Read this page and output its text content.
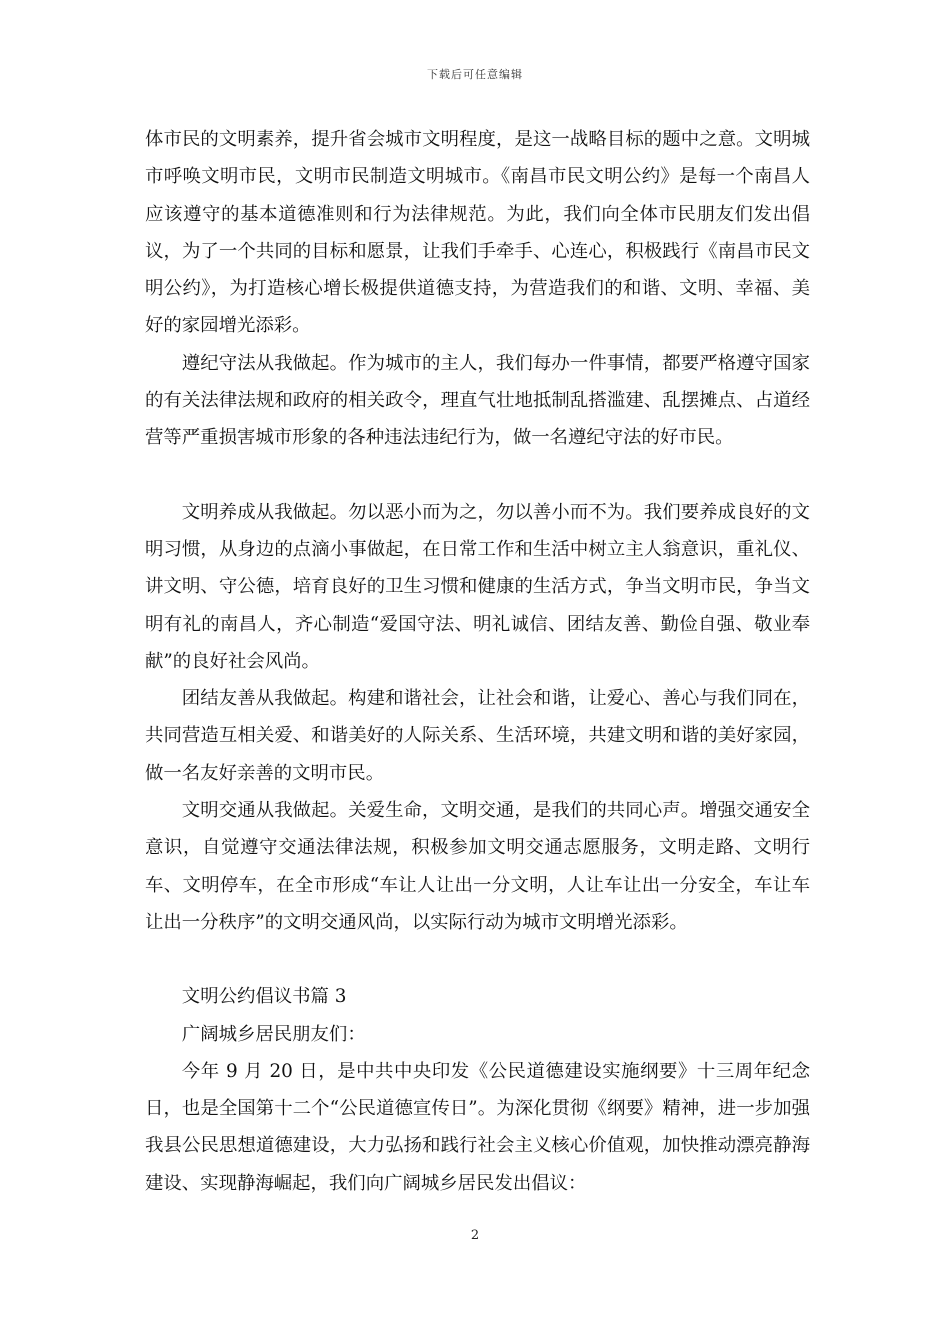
下载后可任意编辑

体市民的文明素养，提升省会城市文明程度，是这一战略目标的题中之意。文明城市呼唤文明市民，文明市民制造文明城市。《南昌市民文明公约》是每一个南昌人应该遵守的基本道德准则和行为法律规范。为此，我们向全体市民朋友们发出倡议，为了一个共同的目标和愿景，让我们手牵手、心连心，积极践行《南昌市民文明公约》，为打造核心增长极提供道德支持，为营造我们的和谐、文明、幸福、美好的家园增光添彩。

遵纪守法从我做起。作为城市的主人，我们每办一件事情，都要严格遵守国家的有关法律法规和政府的相关政令，理直气壮地抵制乱搭滥建、乱摆摊点、占道经营等严重损害城市形象的各种违法违纪行为，做一名遵纪守法的好市民。

文明养成从我做起。勿以恶小而为之，勿以善小而不为。我们要养成良好的文明习惯，从身边的点滴小事做起，在日常工作和生活中树立主人翁意识，重礼仪、讲文明、守公德，培育良好的卫生习惯和健康的生活方式，争当文明市民，争当文明有礼的南昌人，齐心制造“爱国守法、明礼诚信、团结友善、勤俭自强、敬业奉献”的良好社会风尚。

团结友善从我做起。构建和谐社会，让社会和谐，让爱心、善心与我们同在，共同营造互相关爱、和谐美好的人际关系、生活环境，共建文明和谐的美好家园，做一名友好亲善的文明市民。

文明交通从我做起。关爱生命，文明交通，是我们的共同心声。增强交通安全意识，自觉遵守交通法律法规，积极参加文明交通志愿服务，文明走路、文明行车、文明停车，在全市形成“车让人让出一分文明，人让车让出一分安全，车让车让出一分秩序”的文明交通风尚，以实际行动为城市文明增光添彩。

文明公约倡议书篇 3

广阔城乡居民朋友们：

今年 9 月 20 日，是中共中央印发《公民道德建设实施纲要》十三周年纪念日，也是全国第十二个“公民道德宣传日”。为深化贯彻《纲要》精神，进一步加强我县公民思想道德建设，大力弘扬和践行社会主义核心价值观，加快推动漂亮静海建设、实现静海崛起，我们向广阔城乡居民发出倡议：

2
